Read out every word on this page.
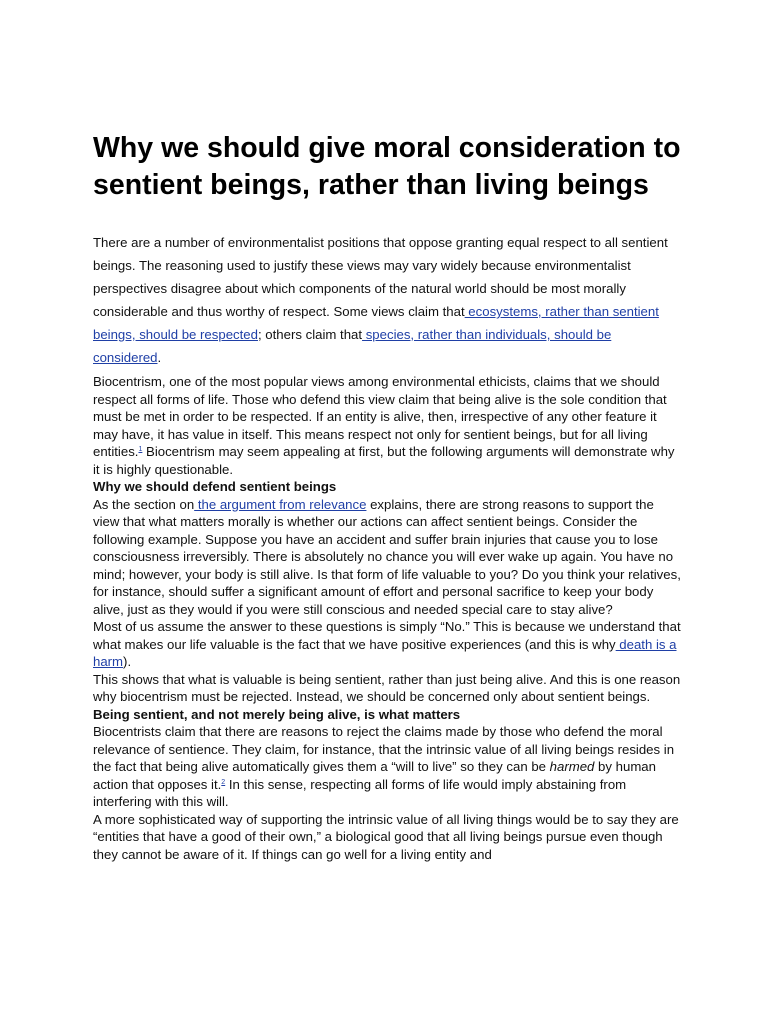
Why we should give moral consideration to sentient beings, rather than living beings

There are a number of environmentalist positions that oppose granting equal respect to all sentient beings. The reasoning used to justify these views may vary widely because environmentalist perspectives disagree about which components of the natural world should be most morally considerable and thus worthy of respect. Some views claim that ecosystems, rather than sentient beings, should be respected; others claim that species, rather than individuals, should be considered.

Biocentrism, one of the most popular views among environmental ethicists, claims that we should respect all forms of life. Those who defend this view claim that being alive is the sole condition that must be met in order to be respected. If an entity is alive, then, irrespective of any other feature it may have, it has value in itself. This means respect not only for sentient beings, but for all living entities.$^1$ Biocentrism may seem appealing at first, but the following arguments will demonstrate why it is highly questionable.

Why we should defend sentient beings

As the section on the argument from relevance explains, there are strong reasons to support the view that what matters morally is whether our actions can affect sentient beings. Consider the following example. Suppose you have an accident and suffer brain injuries that cause you to lose consciousness irreversibly. There is absolutely no chance you will ever wake up again. You have no mind; however, your body is still alive. Is that form of life valuable to you? Do you think your relatives, for instance, should suffer a significant amount of effort and personal sacrifice to keep your body alive, just as they would if you were still conscious and needed special care to stay alive?

Most of us assume the answer to these questions is simply “No.” This is because we understand that what makes our life valuable is the fact that we have positive experiences (and this is why death is a harm).

This shows that what is valuable is being sentient, rather than just being alive. And this is one reason why biocentrism must be rejected. Instead, we should be concerned only about sentient beings.

Being sentient, and not merely being alive, is what matters

Biocentrists claim that there are reasons to reject the claims made by those who defend the moral relevance of sentience. They claim, for instance, that the intrinsic value of all living beings resides in the fact that being alive automatically gives them a “will to live” so they can be harmed by human action that opposes it.$^2$ In this sense, respecting all forms of life would imply abstaining from interfering with this will.

A more sophisticated way of supporting the intrinsic value of all living things would be to say they are “entities that have a good of their own,” a biological good that all living beings pursue even though they cannot be aware of it. If things can go well for a living entity and
